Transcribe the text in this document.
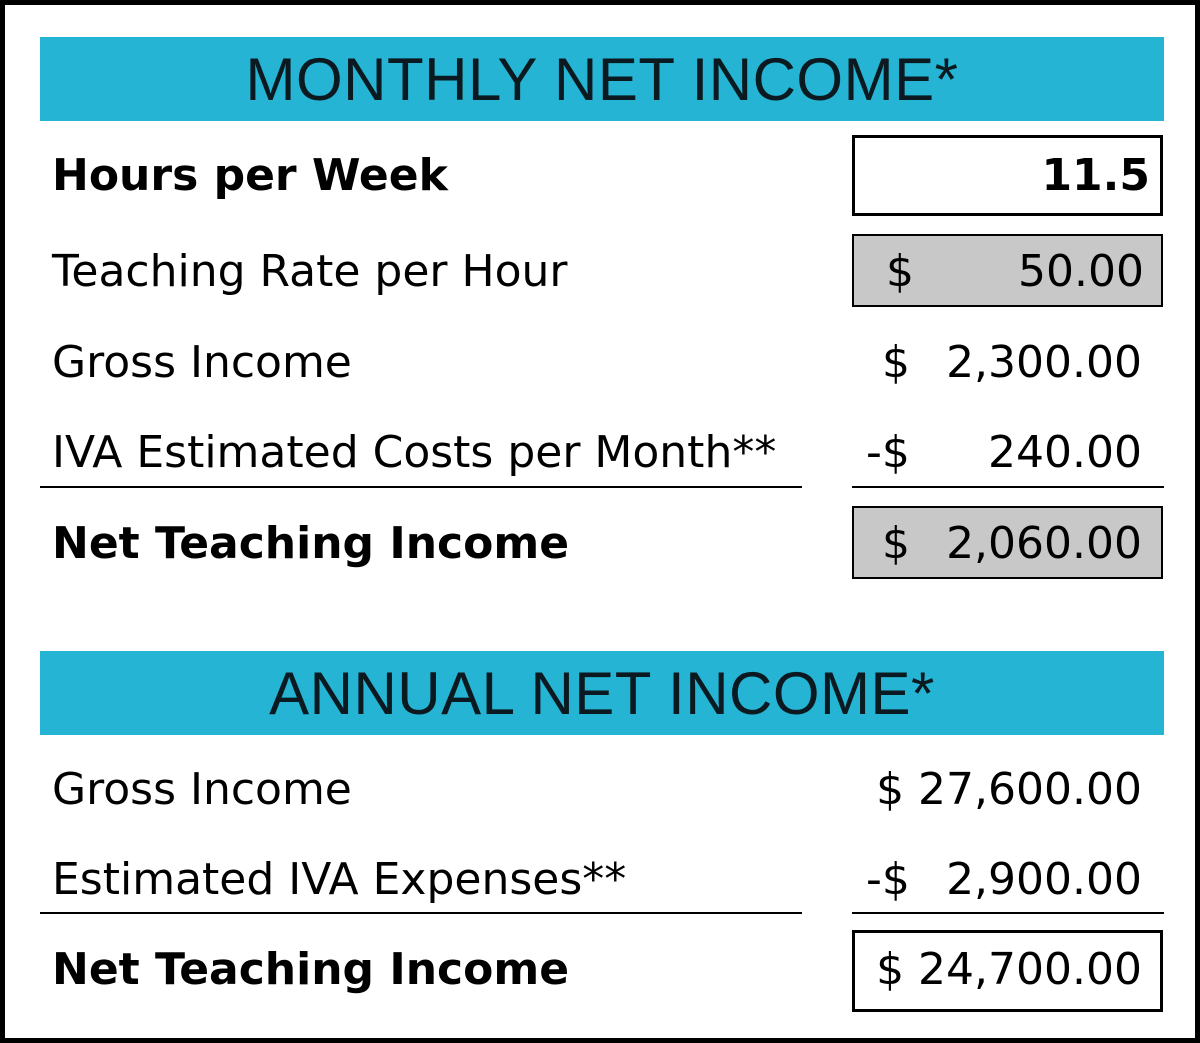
MONTHLY NET INCOME*
Hours per Week	11.5
Teaching Rate per Hour	$ 50.00
Gross Income	$ 2,300.00
IVA Estimated Costs per Month** -$ 240.00
Net Teaching Income	$ 2,060.00
ANNUAL NET INCOME*
Gross Income	$ 27,600.00
Estimated IVA Expenses**	-$ 2,900.00
Net Teaching Income	$ 24,700.00
